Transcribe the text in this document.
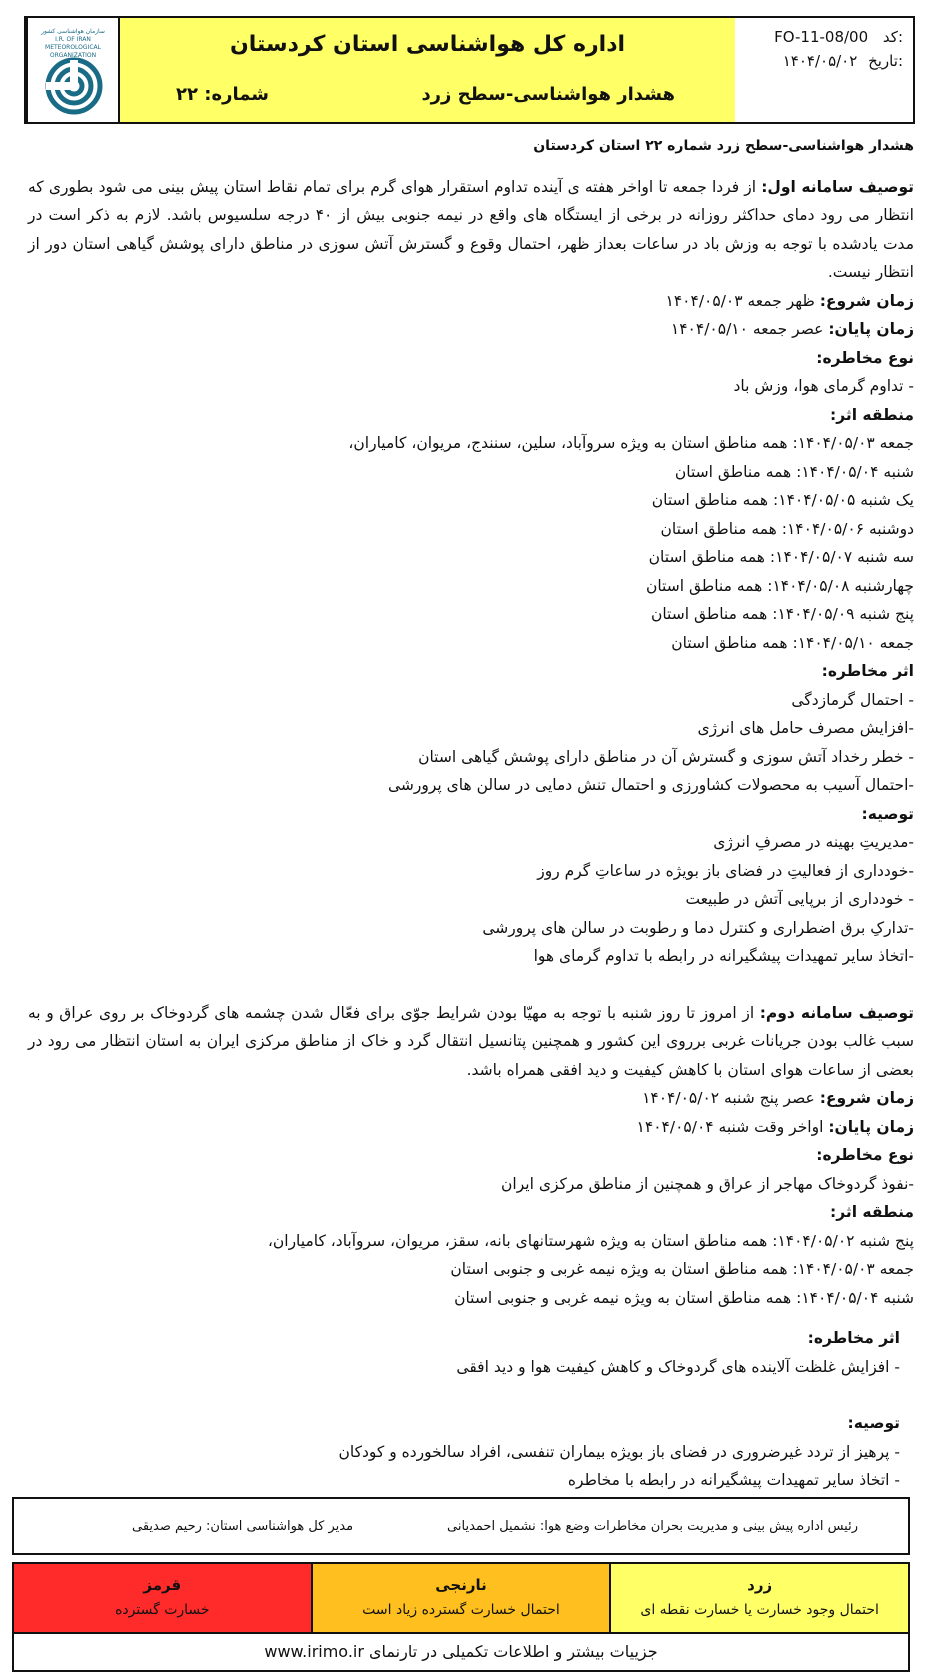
سازمان هواشناسی کشور
I.R. OF IRAN
METEOROLOGICAL
ORGANIZATION	اداره کل هواشناسی استان کردستان
هشدار هواشناسی-سطح زرد
شماره: ۲۲
FO-11-08/00 کد:
۱۴۰۴/۰۵/۰۲ تاریخ:

هشدار هواشناسی-سطح زرد شماره ۲۲ استان کردستان

توصیف سامانه اول: از فردا جمعه تا اواخر هفته ی آینده تداوم استقرار هوای گرم برای تمام نقاط استان پیش بینی می شود بطوری که انتظار می رود دمای حداکثر روزانه در برخی از ایستگاه های واقع در نیمه جنوبی بیش از ۴۰ درجه سلسیوس باشد. لازم به ذکر است در مدت یادشده با توجه به وزش باد در ساعات بعداز ظهر، احتمال وقوع و گسترش آتش سوزی در مناطق دارای پوشش گیاهی استان دور از انتظار نیست.

زمان شروع: ظهر جمعه ۱۴۰۴/۰۵/۰۳

زمان پایان: عصر جمعه ۱۴۰۴/۰۵/۱۰

نوع مخاطره:

- تداوم گرمای هوا، وزش باد

منطقه اثر:

جمعه ۱۴۰۴/۰۵/۰۳: همه مناطق استان به ویژه سروآباد، سلین، سنندج، مریوان، کامیاران،

شنبه ۱۴۰۴/۰۵/۰۴: همه مناطق استان

یک شنبه ۱۴۰۴/۰۵/۰۵: همه مناطق استان

دوشنبه ۱۴۰۴/۰۵/۰۶: همه مناطق استان

سه شنبه ۱۴۰۴/۰۵/۰۷: همه مناطق استان

چهارشنبه ۱۴۰۴/۰۵/۰۸: همه مناطق استان

پنج شنبه ۱۴۰۴/۰۵/۰۹: همه مناطق استان

جمعه ۱۴۰۴/۰۵/۱۰: همه مناطق استان

اثر مخاطره:

- احتمال گرمازدگی

-افزایش مصرف حامل های انرژی

- خطر رخداد آتش سوزی و گسترش آن در مناطق دارای پوشش گیاهی استان

-احتمال آسیب به محصولات کشاورزی و احتمال تنش دمایی در سالن های پرورشی

توصیه:

-مدیریتِ بهینه در مصرفِ انرژی

-خودداری از فعالیتِ در فضای باز بویژه در ساعاتِ گرم روز

- خودداری از برپایی آتش در طبیعت

-تدارکِ برق اضطراری و کنترل دما و رطوبت در سالن های پرورشی

-اتخاذ سایر تمهیدات پیشگیرانه در رابطه با تداوم گرمای هوا

توصیف سامانه دوم: از امروز تا روز شنبه با توجه به مهیّا بودن شرایط جوّی برای فعّال شدن چشمه های گردوخاک بر روی عراق و به سبب غالب بودن جریانات غربی برروی این کشور و همچنین پتانسیل انتقال گرد و خاک از مناطق مرکزی ایران به استان انتظار می رود در بعضی از ساعات هوای استان با کاهش کیفیت و دید افقی همراه باشد.

زمان شروع: عصر پنج شنبه ۱۴۰۴/۰۵/۰۲

زمان پایان: اواخر وقت شنبه ۱۴۰۴/۰۵/۰۴

نوع مخاطره:

-نفوذ گردوخاک مهاجر از عراق و همچنین از مناطق مرکزی ایران

منطقه اثر:

پنج شنبه ۱۴۰۴/۰۵/۰۲: همه مناطق استان به ویژه شهرستانهای بانه، سقز، مریوان، سروآباد، کامیاران،

جمعه ۱۴۰۴/۰۵/۰۳: همه مناطق استان به ویژه نیمه غربی و جنوبی استان

شنبه ۱۴۰۴/۰۵/۰۴: همه مناطق استان به ویژه نیمه غربی و جنوبی استان

اثر مخاطره:

- افزایش غلظت آلاینده های گردوخاک و کاهش کیفیت هوا و دید افقی

توصیه:

- پرهیز از تردد غیرضروری در فضای باز بویژه بیماران تنفسی، افراد سالخورده و کودکان

- اتخاذ سایر تمهیدات پیشگیرانه در رابطه با مخاطره

رئیس اداره پیش بینی و مدیریت بحران مخاطرات وضع هوا: نشمیل احمدیانی
مدیر کل هواشناسی استان: رحیم صدیقی
زرد
احتمال وجود خسارت یا خسارت نقطه ای
نارنجی
احتمال خسارت گسترده زیاد است
قرمز
خسارت گسترده
جزییات بیشتر و اطلاعات تکمیلی در تارنمای www.irimo.ir
